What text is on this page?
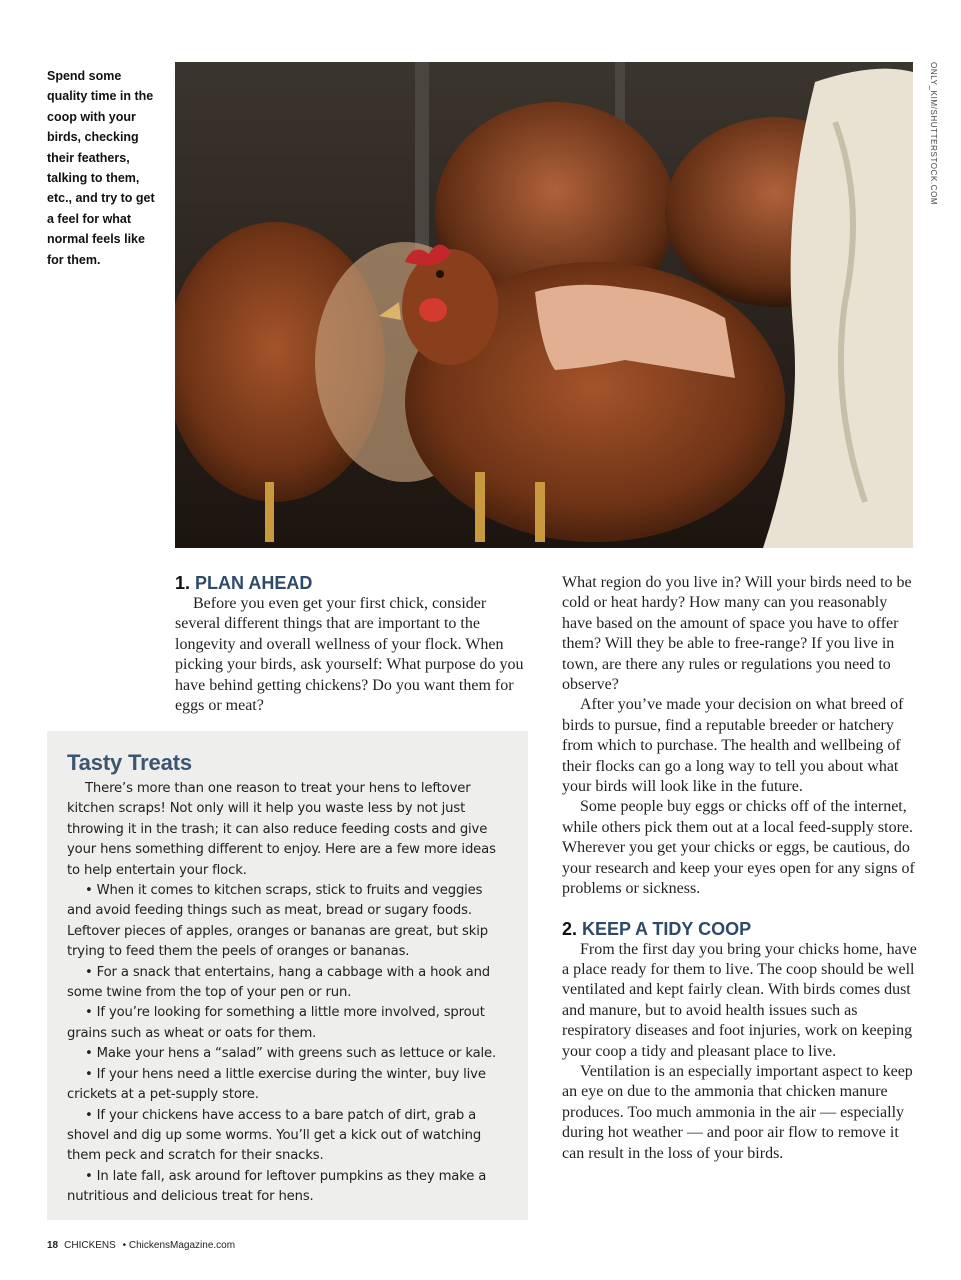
Spend some quality time in the coop with your birds, checking their feathers, talking to them, etc., and try to get a feel for what normal feels like for them.
ONLY_KIM/SHUTTERSTOCK.COM
1. PLAN AHEAD

Before you even get your first chick, consider several different things that are important to the longevity and overall wellness of your flock. When picking your birds, ask yourself: What purpose do you have behind getting chickens? Do you want them for eggs or meat?

What region do you live in? Will your birds need to be cold or heat hardy? How many can you reasonably have based on the amount of space you have to offer them? Will they be able to free-range? If you live in town, are there any rules or regulations you need to observe?

After you’ve made your decision on what breed of birds to pursue, find a reputable breeder or hatchery from which to purchase. The health and wellbeing of their flocks can go a long way to tell you about what your birds will look like in the future.

Some people buy eggs or chicks off of the internet, while others pick them out at a local feed-supply store. Wherever you get your chicks or eggs, be cautious, do your research and keep your eyes open for any signs of problems or sickness.

2. KEEP A TIDY COOP

From the first day you bring your chicks home, have a place ready for them to live. The coop should be well ventilated and kept fairly clean. With birds comes dust and manure, but to avoid health issues such as respiratory diseases and foot injuries, work on keeping your coop a tidy and pleasant place to live.

Ventilation is an especially important aspect to keep an eye on due to the ammonia that chicken manure produces. Too much ammonia in the air — especially during hot weather — and poor air flow to remove it can result in the loss of your birds.

Tasty Treats

There’s more than one reason to treat your hens to leftover kitchen scraps! Not only will it help you waste less by not just throwing it in the trash; it can also reduce feeding costs and give your hens something different to enjoy. Here are a few more ideas to help entertain your flock.

• When it comes to kitchen scraps, stick to fruits and veggies and avoid feeding things such as meat, bread or sugary foods. Leftover pieces of apples, oranges or bananas are great, but skip trying to feed them the peels of oranges or bananas.

• For a snack that entertains, hang a cabbage with a hook and some twine from the top of your pen or run.

• If you’re looking for something a little more involved, sprout grains such as wheat or oats for them.

• Make your hens a “salad” with greens such as lettuce or kale.

• If your hens need a little exercise during the winter, buy live crickets at a pet-supply store.

• If your chickens have access to a bare patch of dirt, grab a shovel and dig up some worms. You’ll get a kick out of watching them peck and scratch for their snacks.

• In late fall, ask around for leftover pumpkins as they make a nutritious and delicious treat for hens.

18 CHICKENS • ChickensMagazine.com
